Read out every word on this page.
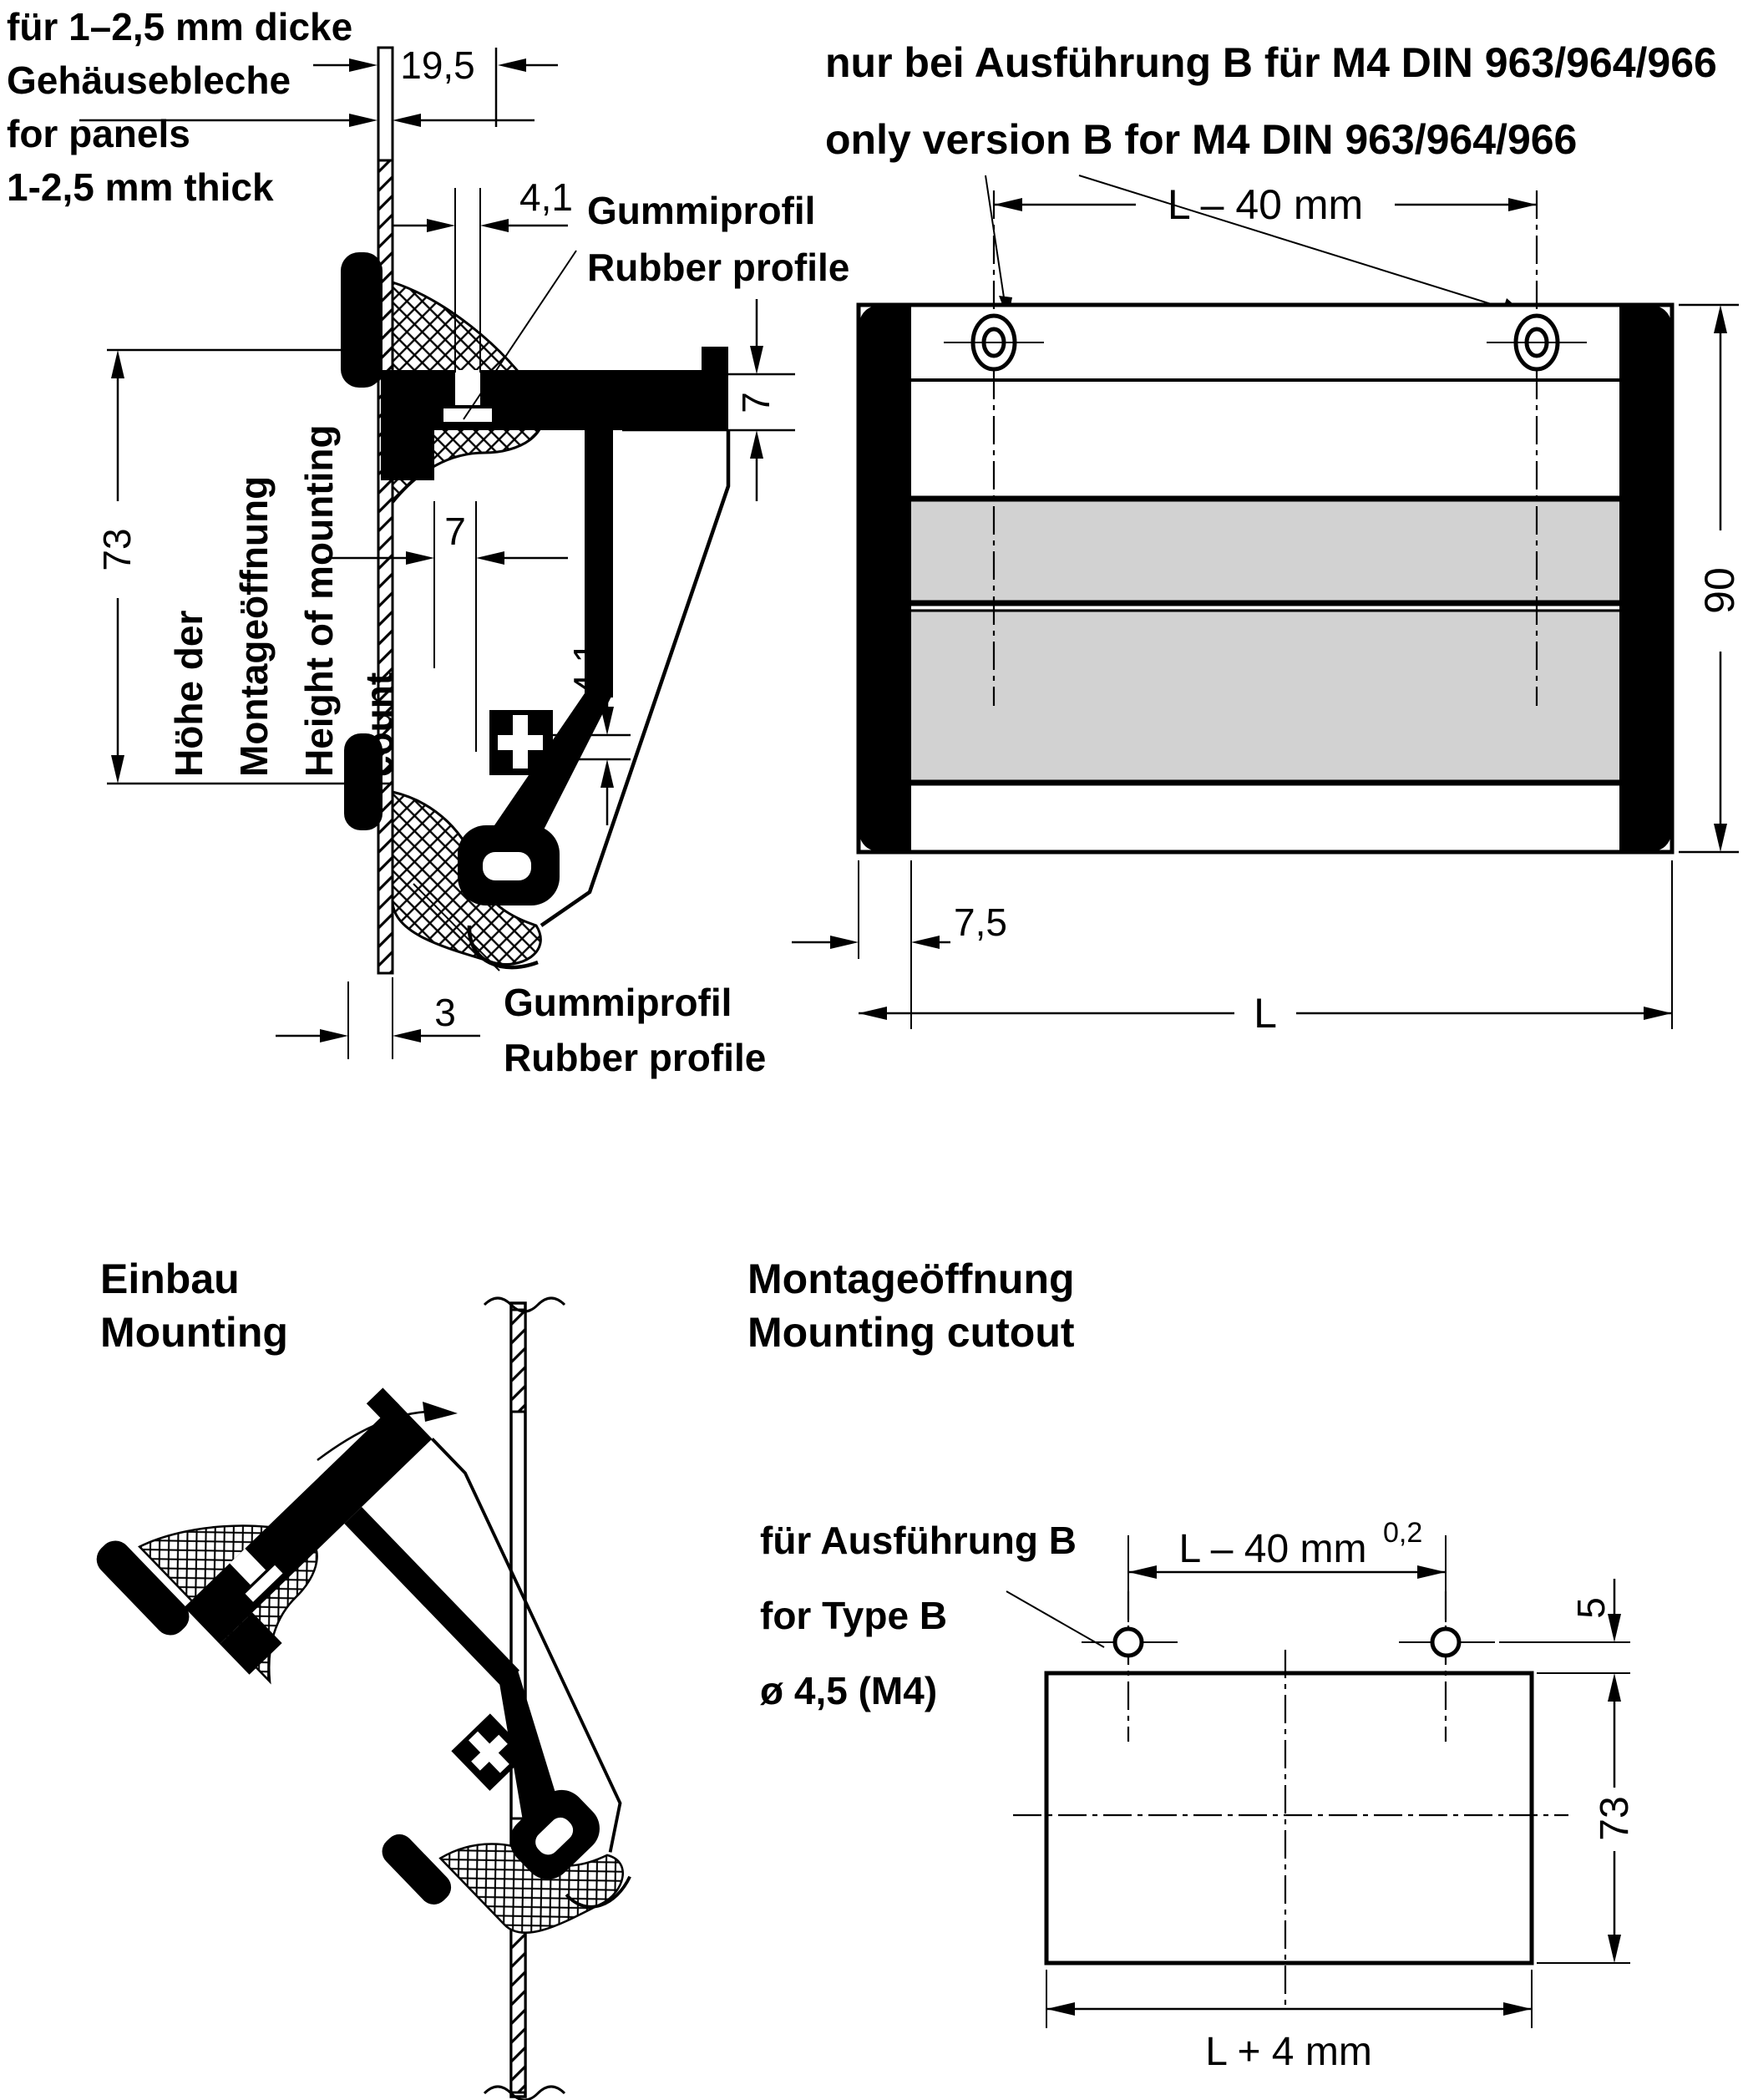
für 1–2,5 mm dicke
Gehäusebleche
for panels
1-2,5 mm thick
19,5
4,1 Gummiprofil
Rubber profile
7
7
4,1
73
Höhe der Montageöffnung Height of mounting count
3 Gummiprofil
Rubber profile
nur bei Ausführung B für M4 DIN 963/964/966
only version B for M4 DIN 963/964/966
L – 40 mm
90
7,5
L
Einbau
Mounting
Montageöffnung
Mounting cutout
für Ausführung B
for Type B
ø 4,5 (M4)
L – 40 mm 0,2
5
73
L + 4 mm
